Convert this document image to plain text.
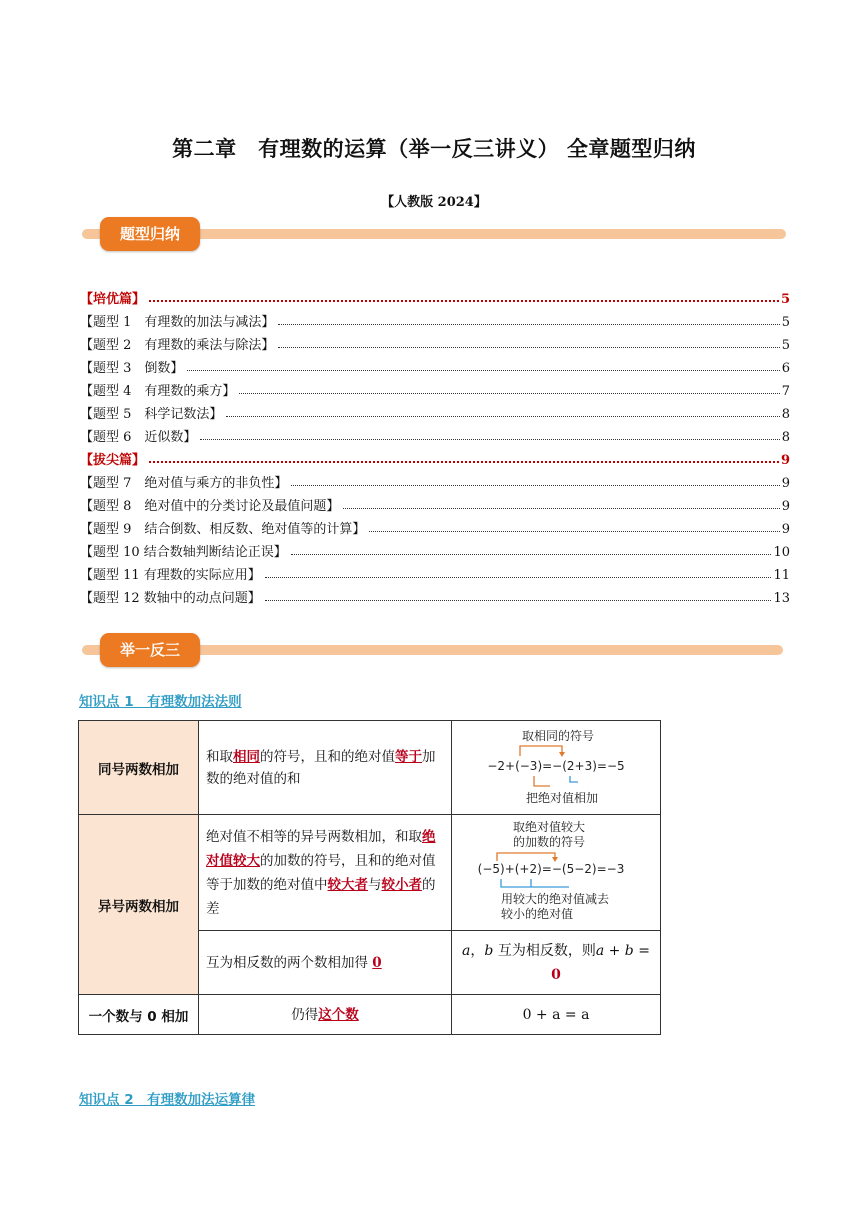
第二章　有理数的运算（举一反三讲义） 全章题型归纳
【人教版 2024】
题型归纳
【培优篇】	5
【题型 1　有理数的加法与减法】	5
【题型 2　有理数的乘法与除法】	5
【题型 3　倒数】	6
【题型 4　有理数的乘方】	7
【题型 5　科学记数法】	8
【题型 6　近似数】	8
【拔尖篇】	9
【题型 7　绝对值与乘方的非负性】	9
【题型 8　绝对值中的分类讨论及最值问题】	9
【题型 9　结合倒数、相反数、绝对值等的计算】	9
【题型 10 结合数轴判断结论正误】	10
【题型 11 有理数的实际应用】	11
【题型 12 数轴中的动点问题】	13
举一反三
知识点 1　有理数加法法则
同号两数相加	和取相同的符号，且和的绝对值等于加数的绝对值的和	取相同的符号
−2+(−3)=−(2+3)=−5
把绝对值相加

异号两数相加	绝对值不相等的异号两数相加，和取绝对值较大的加数的符号，且和的绝对值等于加数的绝对值中较大者与较小者的差	取绝对值较大
的加数的符号
(−5)+(+2)=−(5−2)=−3
用较大的绝对值减去
较小的绝对值

	互为相反数的两个数相加得 0	a，b 互为相反数，则a + b =
0
一个数与 0 相加	仍得这个数	0 + a = a
知识点 2　有理数加法运算律
